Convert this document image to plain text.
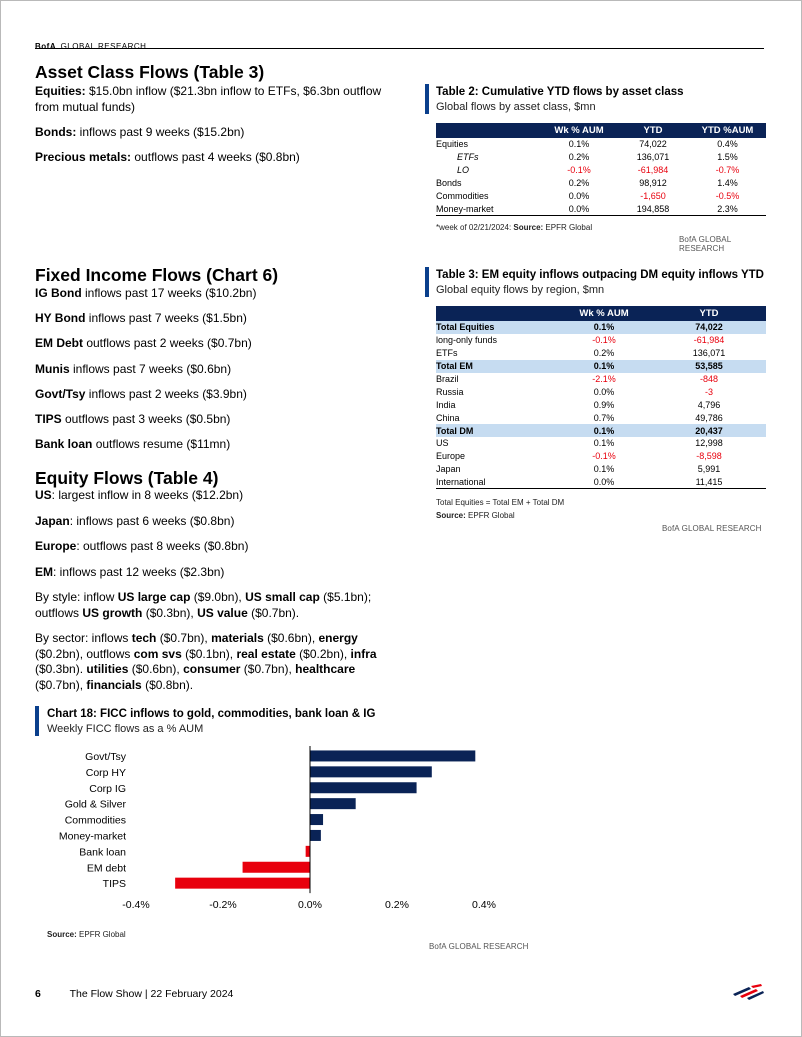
BofA GLOBAL RESEARCH
Asset Class Flows (Table 3)
Equities: $15.0bn inflow ($21.3bn inflow to ETFs, $6.3bn outflow from mutual funds)
Bonds: inflows past 9 weeks ($15.2bn)
Precious metals: outflows past 4 weeks ($0.8bn)
Fixed Income Flows (Chart 6)
IG Bond inflows past 17 weeks ($10.2bn)
HY Bond inflows past 7 weeks ($1.5bn)
EM Debt outflows past 2 weeks ($0.7bn)
Munis inflows past 7 weeks ($0.6bn)
Govt/Tsy inflows past 2 weeks ($3.9bn)
TIPS outflows past 3 weeks ($0.5bn)
Bank loan outflows resume ($11mn)
Equity Flows (Table 4)
US: largest inflow in 8 weeks ($12.2bn)
Japan: inflows past 6 weeks ($0.8bn)
Europe: outflows past 8 weeks ($0.8bn)
EM: inflows past 12 weeks ($2.3bn)
By style: inflow US large cap ($9.0bn), US small cap ($5.1bn); outflows US growth ($0.3bn), US value ($0.7bn).
By sector: inflows tech ($0.7bn), materials ($0.6bn), energy ($0.2bn), outflows com svs ($0.1bn), real estate ($0.2bn), infra ($0.3bn). utilities ($0.6bn), consumer ($0.7bn), healthcare ($0.7bn), financials ($0.8bn).
Table 2: Cumulative YTD flows by asset class
Global flows by asset class, $mn
	Wk % AUM	YTD	YTD %AUM
Equities	0.1%	74,022	0.4%
ETFs	0.2%	136,071	1.5%
LO	-0.1%	-61,984	-0.7%
Bonds	0.2%	98,912	1.4%
Commodities	0.0%	-1,650	-0.5%
Money-market	0.0%	194,858	2.3%
*week of 02/21/2024: Source: EPFR Global
BofA GLOBAL RESEARCH
Table 3: EM equity inflows outpacing DM equity inflows YTD
Global equity flows by region, $mn
	Wk % AUM	YTD
Total Equities	0.1%	74,022
long-only funds	-0.1%	-61,984
ETFs	0.2%	136,071
Total EM	0.1%	53,585
Brazil	-2.1%	-848
Russia	0.0%	-3
India	0.9%	4,796
China	0.7%	49,786
Total DM	0.1%	20,437
US	0.1%	12,998
Europe	-0.1%	-8,598
Japan	0.1%	5,991
International	0.0%	11,415
Total Equities = Total EM + Total DM
Source: EPFR Global
BofA GLOBAL RESEARCH
Chart 18: FICC inflows to gold, commodities, bank loan & IG
Weekly FICC flows as a % AUM
Govt/Tsy
Corp HY
Corp IG
Gold & Silver
Commodities
Money-market
Bank loan
EM debt
TIPS
-0.4%	-0.2%	0.0%	0.2%	0.4%
Source: EPFR Global
BofA GLOBAL RESEARCH
6	The Flow Show | 22 February 2024
